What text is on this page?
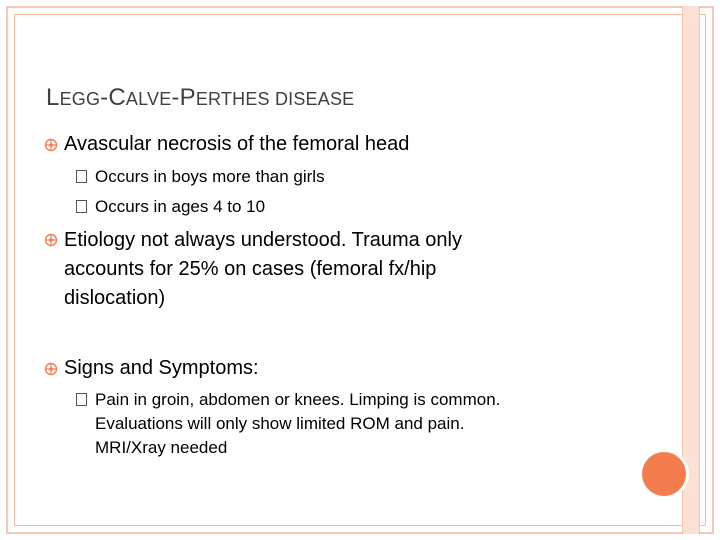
LEGG-CALVE-PERTHES DISEASE
Avascular necrosis of the femoral head
Occurs in boys more than girls
Occurs in ages 4 to 10
Etiology not always understood. Trauma only
accounts for 25% on cases (femoral fx/hip
dislocation)
Signs and Symptoms:
Pain in groin, abdomen or knees. Limping is common.
Evaluations will only show limited ROM and pain.
MRI/Xray needed
